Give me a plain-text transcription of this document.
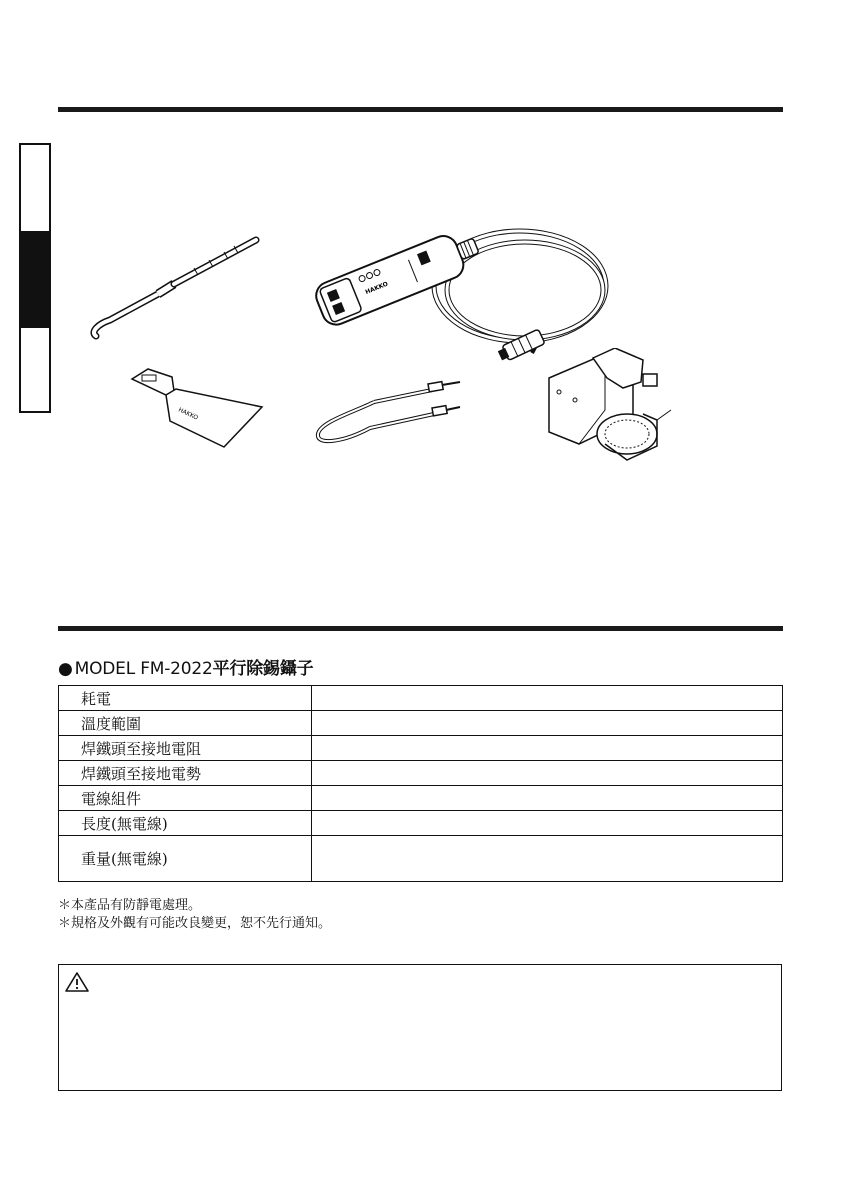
HAKKO
HAKKO
● MODEL FM-2022平行除錫鑷子
耗電	
溫度範圍	
焊鐵頭至接地電阻	
焊鐵頭至接地電勢	
電線組件	
長度(無電線)	
重量(無電線)	
＊本產品有防靜電處理。
＊規格及外觀有可能改良變更，恕不先行通知。
